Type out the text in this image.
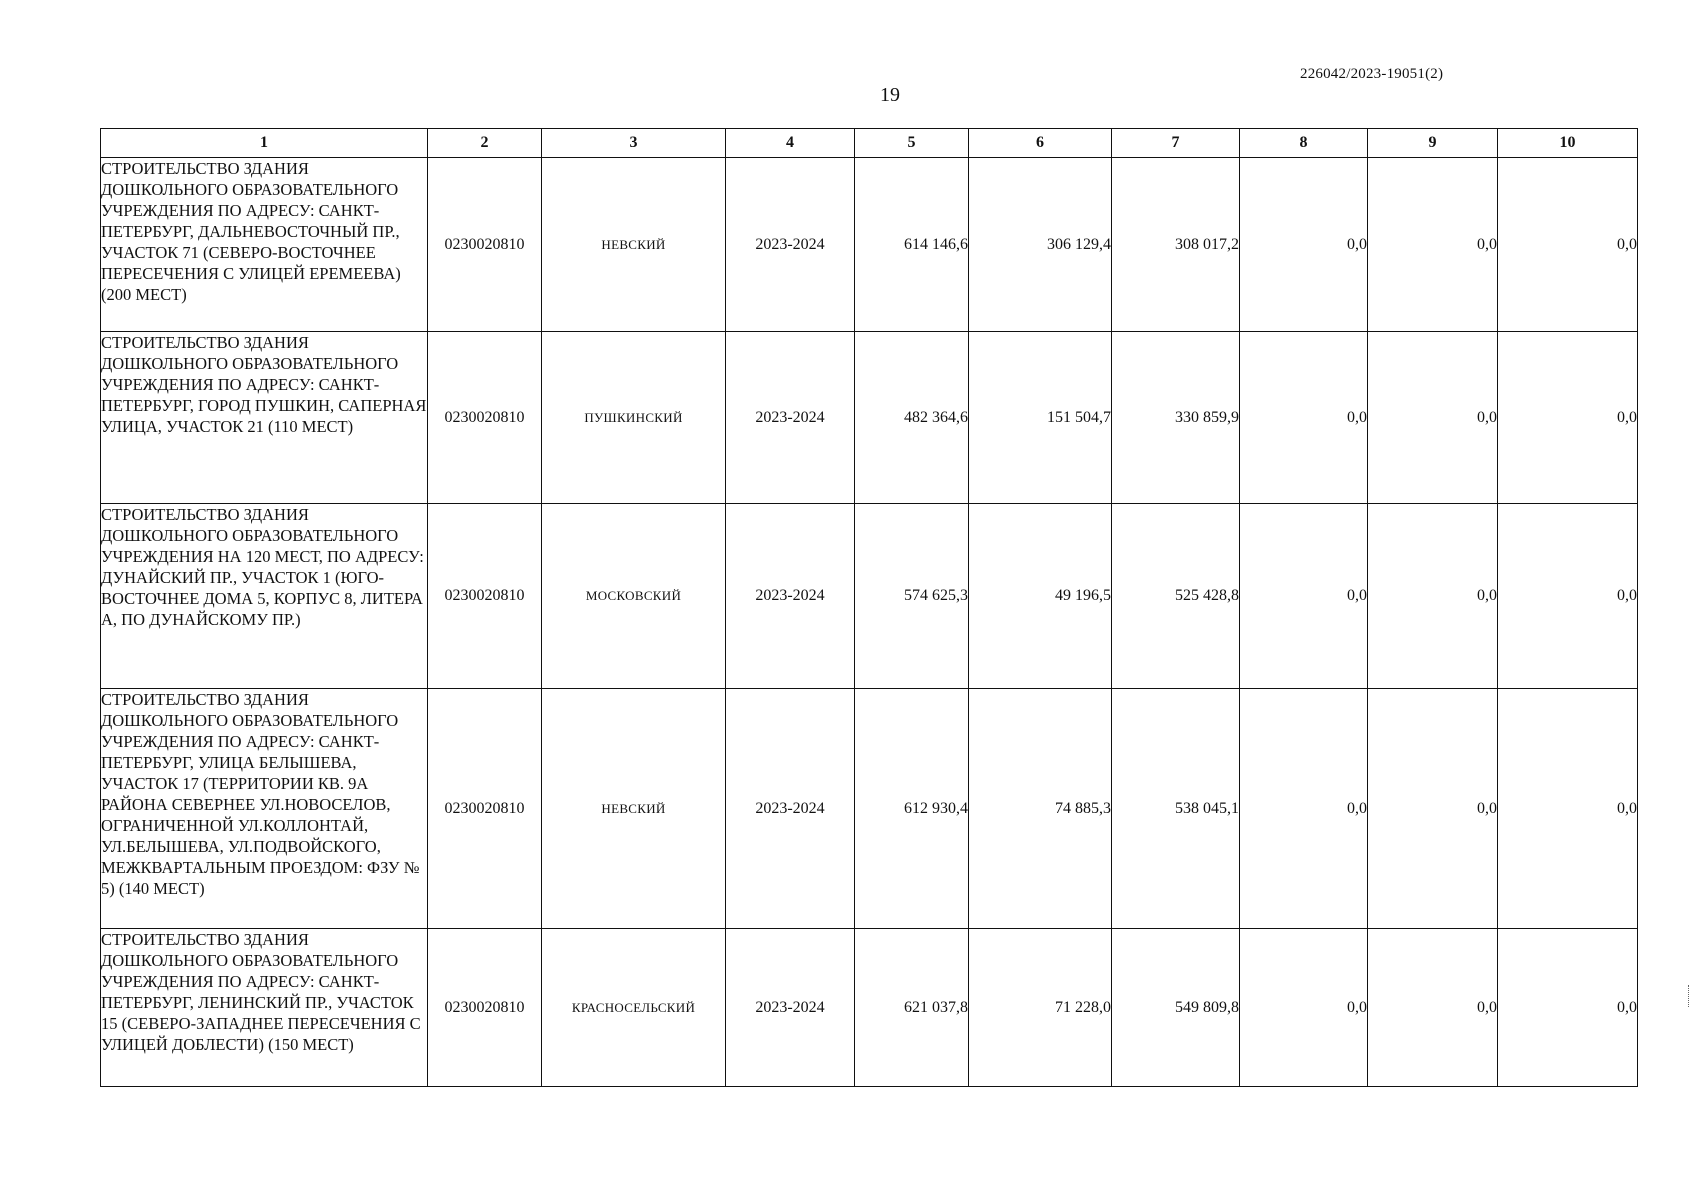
226042/2023-19051(2)
19
1	2	3	4	5	6	7	8	9	10
СТРОИТЕЛЬСТВО ЗДАНИЯ ДОШКОЛЬНОГО ОБРАЗОВАТЕЛЬНОГО УЧРЕЖДЕНИЯ ПО АДРЕСУ: САНКТ-ПЕТЕРБУРГ, ДАЛЬНЕВОСТОЧНЫЙ ПР., УЧАСТОК 71 (СЕВЕРО-ВОСТОЧНЕЕ ПЕРЕСЕЧЕНИЯ С УЛИЦЕЙ ЕРЕМЕЕВА) (200 МЕСТ)	0230020810	НЕВСКИЙ	2023-2024	614 146,6	306 129,4	308 017,2	0,0	0,0	0,0
СТРОИТЕЛЬСТВО ЗДАНИЯ ДОШКОЛЬНОГО ОБРАЗОВАТЕЛЬНОГО УЧРЕЖДЕНИЯ ПО АДРЕСУ: САНКТ-ПЕТЕРБУРГ, ГОРОД ПУШКИН, САПЕРНАЯ УЛИЦА, УЧАСТОК 21 (110 МЕСТ)	0230020810	ПУШКИНСКИЙ	2023-2024	482 364,6	151 504,7	330 859,9	0,0	0,0	0,0
СТРОИТЕЛЬСТВО ЗДАНИЯ ДОШКОЛЬНОГО ОБРАЗОВАТЕЛЬНОГО УЧРЕЖДЕНИЯ НА 120 МЕСТ, ПО АДРЕСУ: ДУНАЙСКИЙ ПР., УЧАСТОК 1 (ЮГО-ВОСТОЧНЕЕ ДОМА 5, КОРПУС 8, ЛИТЕРА А, ПО ДУНАЙСКОМУ ПР.)	0230020810	МОСКОВСКИЙ	2023-2024	574 625,3	49 196,5	525 428,8	0,0	0,0	0,0
СТРОИТЕЛЬСТВО ЗДАНИЯ ДОШКОЛЬНОГО ОБРАЗОВАТЕЛЬНОГО УЧРЕЖДЕНИЯ ПО АДРЕСУ: САНКТ-ПЕТЕРБУРГ, УЛИЦА БЕЛЫШЕВА, УЧАСТОК 17 (ТЕРРИТОРИИ КВ. 9А РАЙОНА СЕВЕРНЕЕ УЛ.НОВОСЕЛОВ, ОГРАНИЧЕННОЙ УЛ.КОЛЛОНТАЙ, УЛ.БЕЛЫШЕВА, УЛ.ПОДВОЙСКОГО, МЕЖКВАРТАЛЬНЫМ ПРОЕЗДОМ: ФЗУ № 5) (140 МЕСТ)	0230020810	НЕВСКИЙ	2023-2024	612 930,4	74 885,3	538 045,1	0,0	0,0	0,0
СТРОИТЕЛЬСТВО ЗДАНИЯ ДОШКОЛЬНОГО ОБРАЗОВАТЕЛЬНОГО УЧРЕЖДЕНИЯ ПО АДРЕСУ: САНКТ-ПЕТЕРБУРГ, ЛЕНИНСКИЙ ПР., УЧАСТОК 15 (СЕВЕРО-ЗАПАДНЕЕ ПЕРЕСЕЧЕНИЯ С УЛИЦЕЙ ДОБЛЕСТИ) (150 МЕСТ)	0230020810	КРАСНОСЕЛЬСКИЙ	2023-2024	621 037,8	71 228,0	549 809,8	0,0	0,0	0,0
